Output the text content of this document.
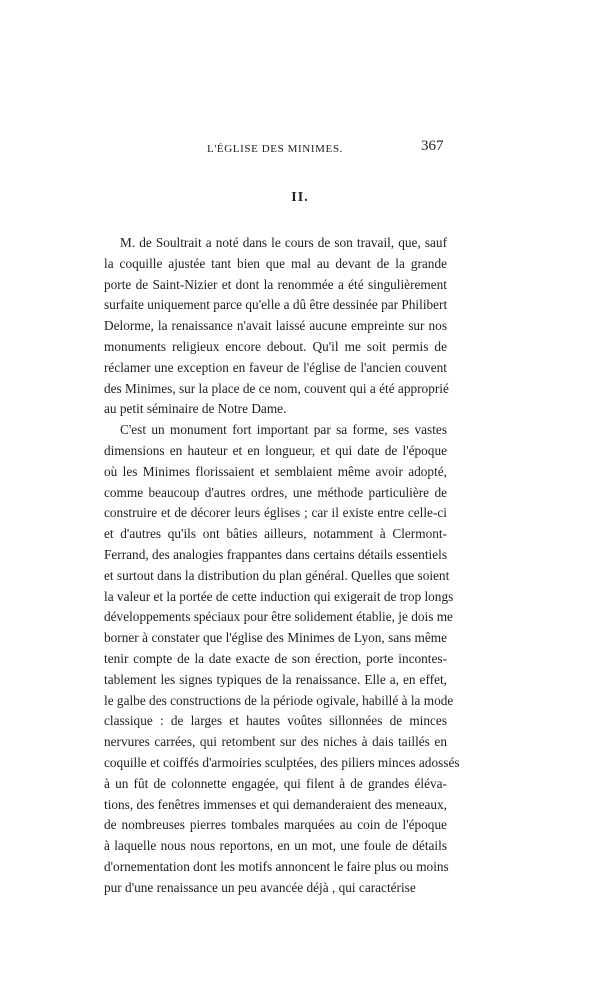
L'ÉGLISE DES MINIMES.	367
II.
M. de Soultrait a noté dans le cours de son travail, que, sauf
la coquille ajustée tant bien que mal au devant de la grande
porte de Saint-Nizier et dont la renommée a été singulièrement
surfaite uniquement parce qu'elle a dû être dessinée par Philibert
Delorme, la renaissance n'avait laissé aucune empreinte sur nos
monuments religieux encore debout. Qu'il me soit permis de
réclamer une exception en faveur de l'église de l'ancien couvent
des Minimes, sur la place de ce nom, couvent qui a été approprié
au petit séminaire de Notre Dame.
C'est un monument fort important par sa forme, ses vastes
dimensions en hauteur et en longueur, et qui date de l'époque
où les Minimes florissaient et semblaient même avoir adopté,
comme beaucoup d'autres ordres, une méthode particulière de
construire et de décorer leurs églises ; car il existe entre celle-ci
et d'autres qu'ils ont bâties ailleurs, notamment à Clermont-
Ferrand, des analogies frappantes dans certains détails essentiels
et surtout dans la distribution du plan général. Quelles que soient
la valeur et la portée de cette induction qui exigerait de trop longs
développements spéciaux pour être solidement établie, je dois me
borner à constater que l'église des Minimes de Lyon, sans même
tenir compte de la date exacte de son érection, porte incontes-
tablement les signes typiques de la renaissance. Elle a, en effet,
le galbe des constructions de la période ogivale, habillé à la mode
classique : de larges et hautes voûtes sillonnées de minces
nervures carrées, qui retombent sur des niches à dais taillés en
coquille et coiffés d'armoiries sculptées, des piliers minces adossés
à un fût de colonnette engagée, qui filent à de grandes éléva-
tions, des fenêtres immenses et qui demanderaient des meneaux,
de nombreuses pierres tombales marquées au coin de l'époque
à laquelle nous nous reportons, en un mot, une foule de détails
d'ornementation dont les motifs annoncent le faire plus ou moins
pur d'une renaissance un peu avancée déjà , qui caractérise
